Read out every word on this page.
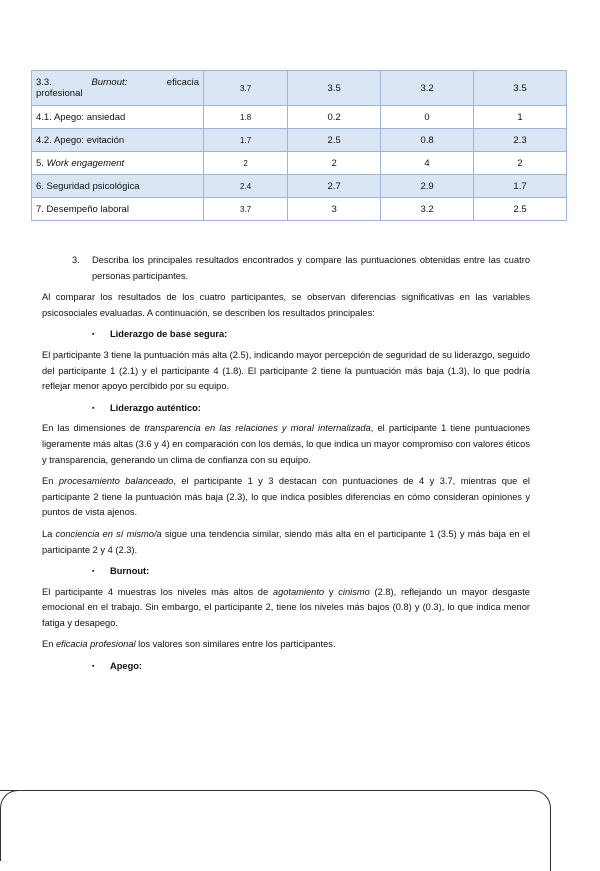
3.3. Burnout: eficacia
profesional	3.7	3.5	3.2	3.5
4.1. Apego: ansiedad	1.8	0.2	0	1
4.2. Apego: evitación	1.7	2.5	0.8	2.3
5. Work engagement	2	2	4	2
6. Seguridad psicológica	2.4	2.7	2.9	1.7
7. Desempeño laboral	3.7	3	3.2	2.5

3.	Describa los principales resultados encontrados y compare las puntuaciones obtenidas entre las cuatro personas participantes.

Al comparar los resultados de los cuatro participantes, se observan diferencias significativas en las variables psicosociales evaluadas. A continuación, se describen los resultados principales:

▪	Liderazgo de base segura:

El participante 3 tiene la puntuación más alta (2.5), indicando mayor percepción de seguridad de su liderazgo, seguido del participante 1 (2.1) y el participante 4 (1.8). El participante 2 tiene la puntuación más baja (1.3), lo que podría reflejar menor apoyo percibido por su equipo.

▪	Liderazgo auténtico:

En las dimensiones de transparencia en las relaciones y moral internalizada, el participante 1 tiene puntuaciones ligeramente más altas (3.6 y 4) en comparación con los demás, lo que indica un mayor compromiso con valores éticos y transparencia, generando un clima de confianza con su equipo.

En procesamiento balanceado, el participante 1 y 3 destacan con puntuaciones de 4 y 3.7, mientras que el participante 2 tiene la puntuación más baja (2.3), lo que indica posibles diferencias en cómo consideran opiniones y puntos de vista ajenos.

La conciencia en sí mismo/a sigue una tendencia similar, siendo más alta en el participante 1 (3.5) y más baja en el participante 2 y 4 (2.3).

▪	Burnout:

El participante 4 muestras los niveles más altos de agotamiento y cinismo (2.8), reflejando un mayor desgaste emocional en el trabajo. Sin embargo, el participante 2, tiene los niveles más bajos (0.8) y (0.3), lo que indica menor fatiga y desapego.

En eficacia profesional los valores son similares entre los participantes.

▪	Apego:
